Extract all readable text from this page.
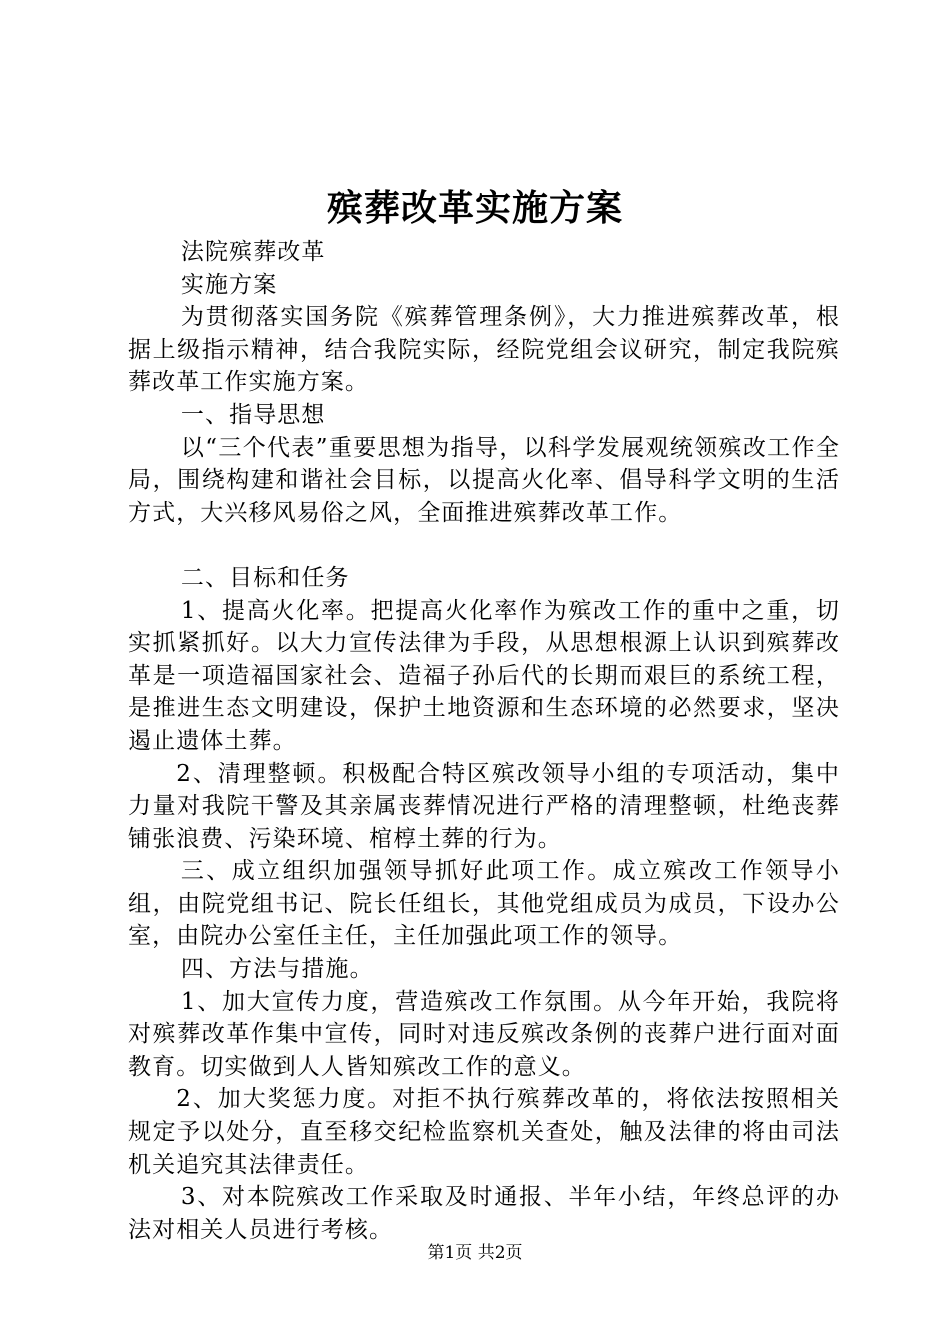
殡葬改革实施方案

法院殡葬改革

实施方案

为贯彻落实国务院《殡葬管理条例》，大力推进殡葬改革，根据上级指示精神，结合我院实际，经院党组会议研究，制定我院殡葬改革工作实施方案。

一、指导思想

以“三个代表”重要思想为指导，以科学发展观统领殡改工作全局，围绕构建和谐社会目标，以提高火化率、倡导科学文明的生活方式，大兴移风易俗之风，全面推进殡葬改革工作。

二、目标和任务

1、提高火化率。把提高火化率作为殡改工作的重中之重，切实抓紧抓好。以大力宣传法律为手段，从思想根源上认识到殡葬改革是一项造福国家社会、造福子孙后代的长期而艰巨的系统工程，是推进生态文明建设，保护土地资源和生态环境的必然要求，坚决遏止遗体土葬。

2、清理整顿。积极配合特区殡改领导小组的专项活动，集中力量对我院干警及其亲属丧葬情况进行严格的清理整顿，杜绝丧葬铺张浪费、污染环境、棺椁土葬的行为。

三、成立组织加强领导抓好此项工作。成立殡改工作领导小组，由院党组书记、院长任组长，其他党组成员为成员，下设办公室，由院办公室任主任，主任加强此项工作的领导。

四、方法与措施。

1、加大宣传力度，营造殡改工作氛围。从今年开始，我院将对殡葬改革作集中宣传，同时对违反殡改条例的丧葬户进行面对面教育。切实做到人人皆知殡改工作的意义。

2、加大奖惩力度。对拒不执行殡葬改革的，将依法按照相关规定予以处分，直至移交纪检监察机关查处，触及法律的将由司法机关追究其法律责任。

3、对本院殡改工作采取及时通报、半年小结，年终总评的办法对相关人员进行考核。

第1页 共2页
